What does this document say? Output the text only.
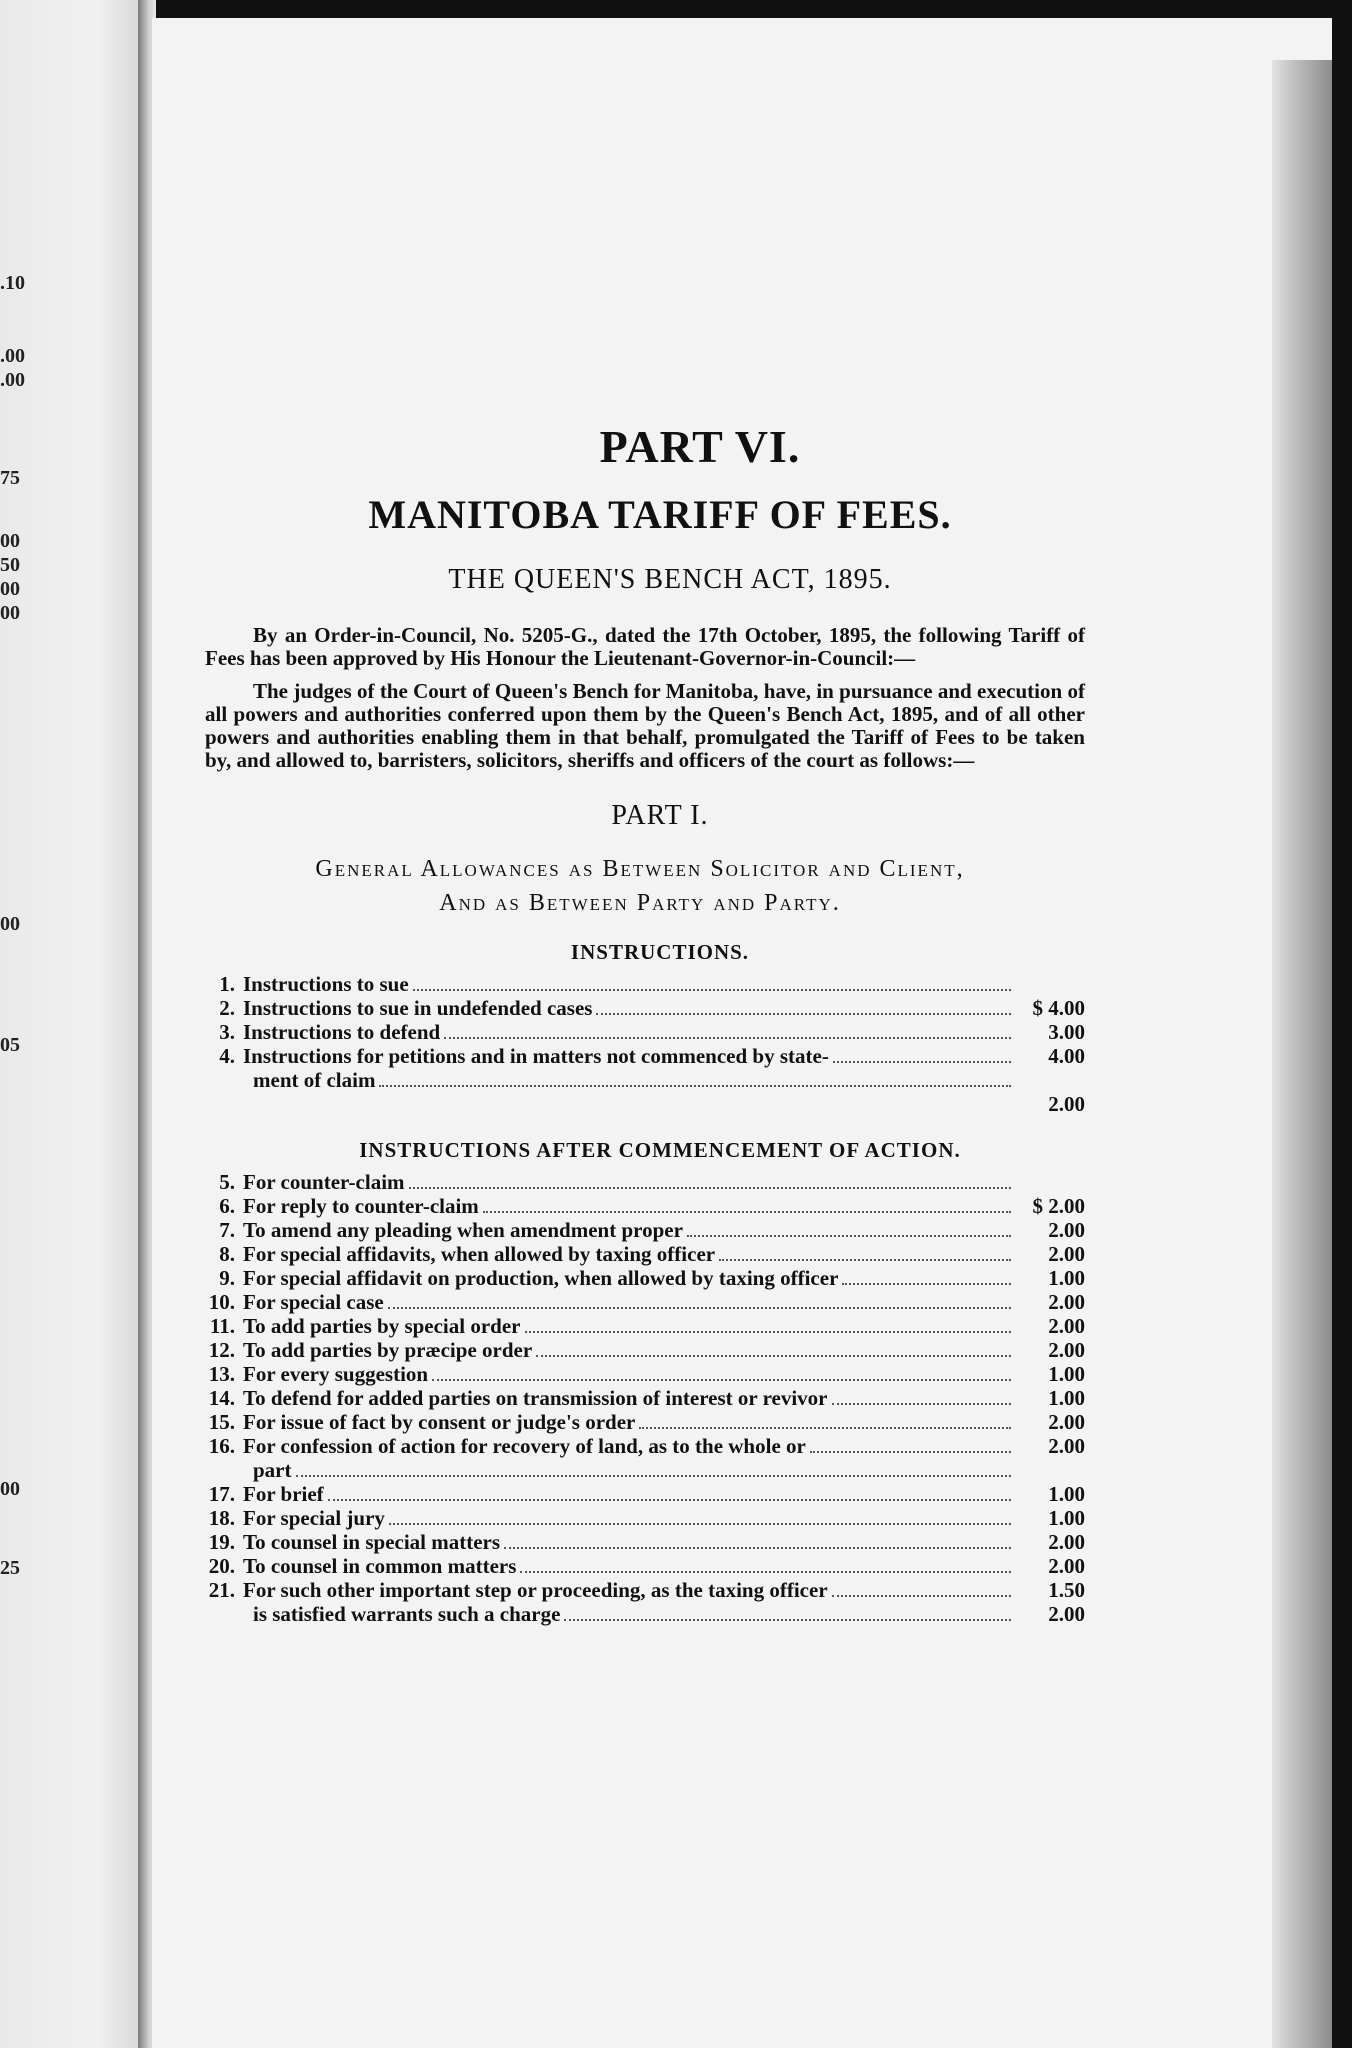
.10
.00
.00
75
00
50
00
00
00
05
00
25
PART VI.
MANITOBA TARIFF OF FEES.
THE QUEEN'S BENCH ACT, 1895.

By an Order-in-Council, No. 5205-G., dated the 17th October, 1895, the following Tariff of Fees has been approved by His Honour the Lieutenant-Governor-in-Council:—

The judges of the Court of Queen's Bench for Manitoba, have, in pursuance and execution of all powers and authorities conferred upon them by the Queen's Bench Act, 1895, and of all other powers and authorities enabling them in that behalf, promulgated the Tariff of Fees to be taken by, and allowed to, barristers, solicitors, sheriffs and officers of the court as follows:—

PART I.
General Allowances as Between Solicitor and Client,
And as Between Party and Party.
INSTRUCTIONS.
1. Instructions to sue
2. Instructions to sue in undefended cases	$ 4.00
3. Instructions to defend	3.00
4. Instructions for petitions and in matters not commenced by state-	4.00
ment of claim
2.00
INSTRUCTIONS AFTER COMMENCEMENT OF ACTION.
5. For counter-claim
6. For reply to counter-claim	$ 2.00
7. To amend any pleading when amendment proper	2.00
8. For special affidavits, when allowed by taxing officer	2.00
9. For special affidavit on production, when allowed by taxing officer	1.00
10. For special case	2.00
11. To add parties by special order	2.00
12. To add parties by præcipe order	2.00
13. For every suggestion	1.00
14. To defend for added parties on transmission of interest or revivor	1.00
15. For issue of fact by consent or judge's order	2.00
16. For confession of action for recovery of land, as to the whole or	2.00
part
17. For brief	1.00
18. For special jury	1.00
19. To counsel in special matters	2.00
20. To counsel in common matters	2.00
21. For such other important step or proceeding, as the taxing officer	1.50
is satisfied warrants such a charge	2.00
